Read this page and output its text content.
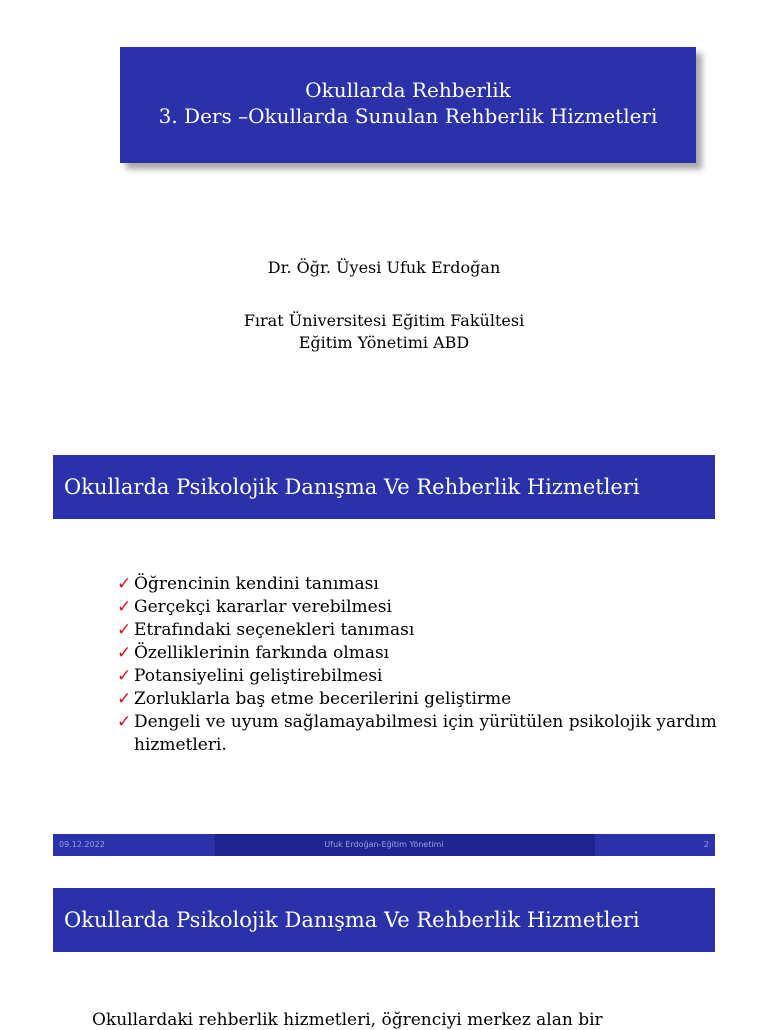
Okullarda Rehberlik
3. Ders –Okullarda Sunulan Rehberlik Hizmetleri
Dr. Öğr. Üyesi Ufuk Erdoğan
Fırat Üniversitesi Eğitim Fakültesi
Eğitim Yönetimi ABD
Okullarda Psikolojik Danışma Ve Rehberlik Hizmetleri
✓ Öğrencinin kendini tanıması
✓ Gerçekçi kararlar verebilmesi
✓ Etrafındaki seçenekleri tanıması
✓ Özelliklerinin farkında olması
✓ Potansiyelini geliştirebilmesi
✓ Zorluklarla baş etme becerilerini geliştirme
✓ Dengeli ve uyum sağlamayabilmesi için yürütülen psikolojik yardım hizmetleri.
09.12.2022	Ufuk Erdoğan-Eğitim Yönetimi	2
Okullarda Psikolojik Danışma Ve Rehberlik Hizmetleri
Okullardaki rehberlik hizmetleri, öğrenciyi merkez alan bir
